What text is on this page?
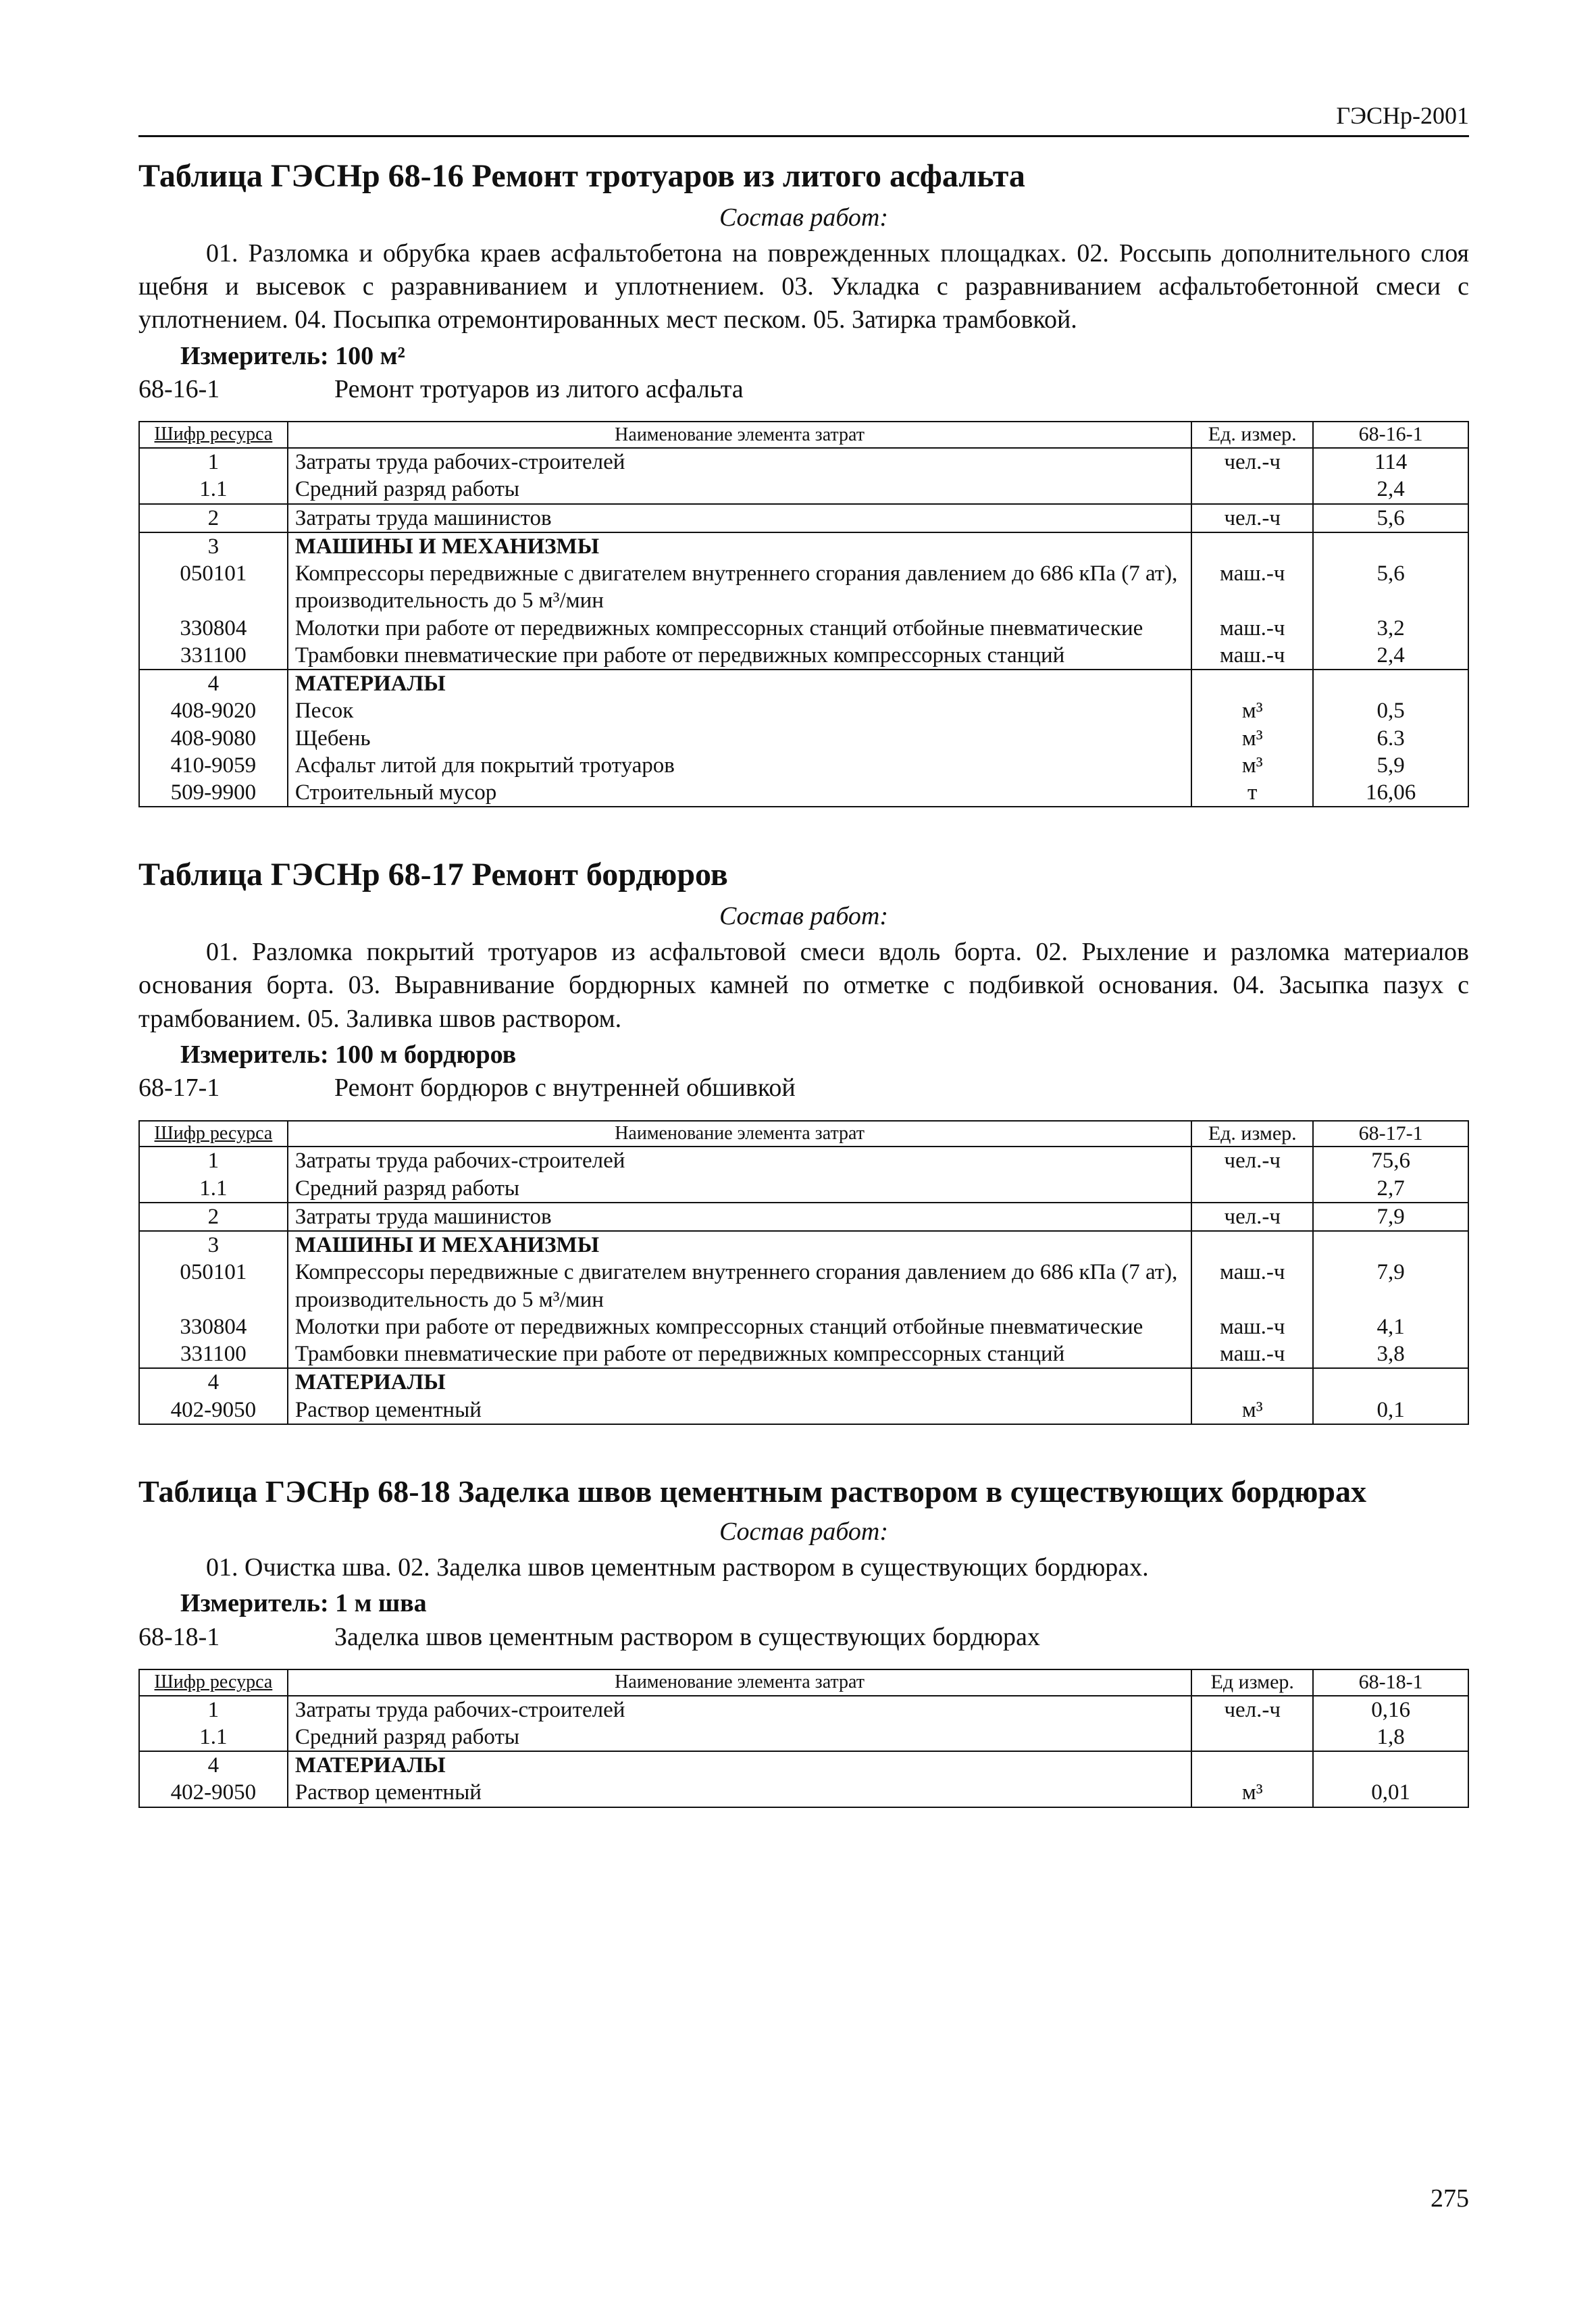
ГЭСНр-2001
Таблица ГЭСНр 68-16 Ремонт тротуаров из литого асфальта
Состав работ:
01. Разломка и обрубка краев асфальтобетона на поврежденных площадках. 02. Россыпь дополнительного слоя щебня и высевок с разравниванием и уплотнением. 03. Укладка с разравниванием асфальтобетонной смеси с уплотнением. 04. Посыпка отремонтированных мест песком. 05. Затирка трамбовкой.
Измеритель: 100 м²
68-16-1	Ремонт тротуаров из литого асфальта
Шифр ресурса	Наименование элемента затрат	Ед. измер.	68-16-1
1	Затраты труда рабочих-строителей	чел.-ч	114
1.1	Средний разряд работы		2,4
2	Затраты труда машинистов	чел.-ч	5,6
3	МАШИНЫ И МЕХАНИЗМЫ		
050101	Компрессоры передвижные с двигателем внутреннего сгорания давлением до 686 кПа (7 ат), производительность до 5 м³/мин	маш.-ч	5,6
330804	Молотки при работе от передвижных компрессорных станций отбойные пневматические	маш.-ч	3,2
331100	Трамбовки пневматические при работе от передвижных компрессорных станций	маш.-ч	2,4
4	МАТЕРИАЛЫ		
408-9020	Песок	м³	0,5
408-9080	Щебень	м³	6.3
410-9059	Асфальт литой для покрытий тротуаров	м³	5,9
509-9900	Строительный мусор	т	16,06
Таблица ГЭСНр 68-17 Ремонт бордюров
Состав работ:
01. Разломка покрытий тротуаров из асфальтовой смеси вдоль борта. 02. Рыхление и разломка материалов основания борта. 03. Выравнивание бордюрных камней по отметке с подбивкой основания. 04. Засыпка пазух с трамбованием. 05. Заливка швов раствором.
Измеритель: 100 м бордюров
68-17-1	Ремонт бордюров с внутренней обшивкой
Шифр ресурса	Наименование элемента затрат	Ед. измер.	68-17-1
1	Затраты труда рабочих-строителей	чел.-ч	75,6
1.1	Средний разряд работы		2,7
2	Затраты труда машинистов	чел.-ч	7,9
3	МАШИНЫ И МЕХАНИЗМЫ		
050101	Компрессоры передвижные с двигателем внутреннего сгорания давлением до 686 кПа (7 ат), производительность до 5 м³/мин	маш.-ч	7,9
330804	Молотки при работе от передвижных компрессорных станций отбойные пневматические	маш.-ч	4,1
331100	Трамбовки пневматические при работе от передвижных компрессорных станций	маш.-ч	3,8
4	МАТЕРИАЛЫ		
402-9050	Раствор цементный	м³	0,1
Таблица ГЭСНр 68-18 Заделка швов цементным раствором в существующих бордюрах
Состав работ:
01. Очистка шва. 02. Заделка швов цементным раствором в существующих бордюрах.
Измеритель: 1 м шва
68-18-1	Заделка швов цементным раствором в существующих бордюрах
Шифр ресурса	Наименование элемента затрат	Ед измер.	68-18-1
1	Затраты труда рабочих-строителей	чел.-ч	0,16
1.1	Средний разряд работы		1,8
4	МАТЕРИАЛЫ		
402-9050	Раствор цементный	м³	0,01
275
